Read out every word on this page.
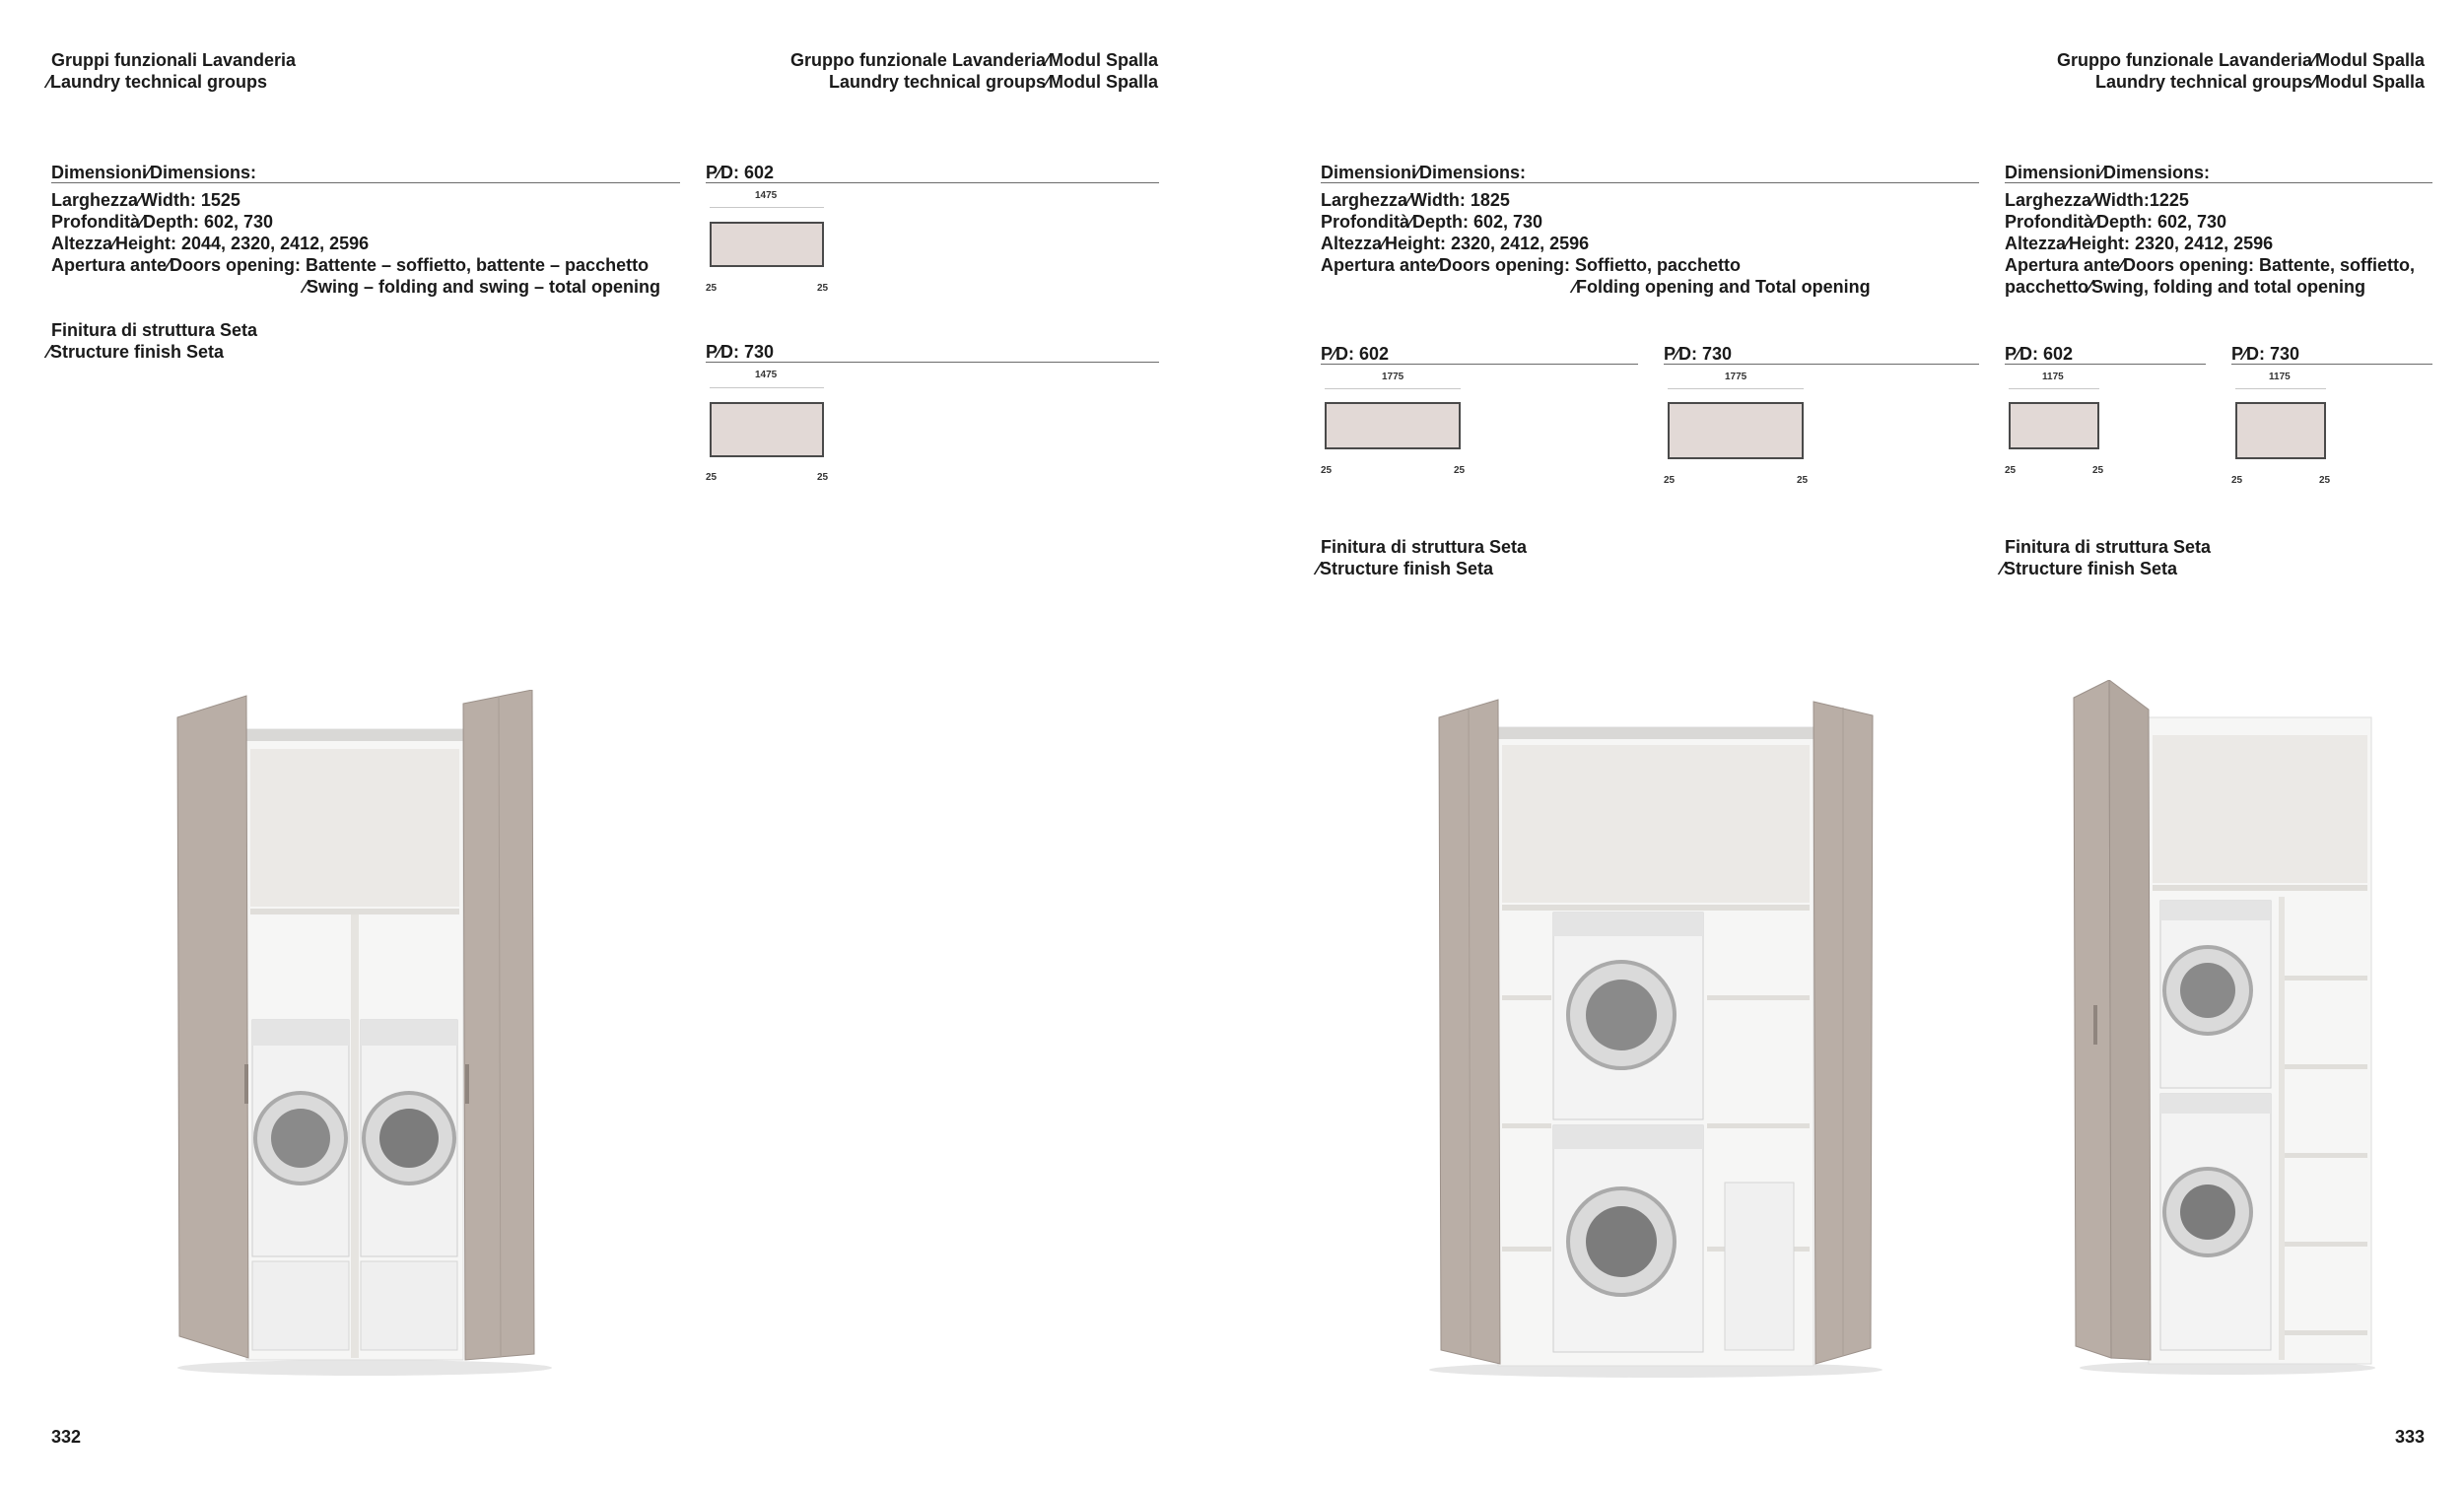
Gruppi funzionali Lavanderia
⁄Laundry technical groups
Gruppo funzionale Lavanderia⁄Modul Spalla
Laundry technical groups⁄Modul Spalla
Dimensioni⁄Dimensions:
Larghezza⁄Width: 1525
Profondità⁄Depth: 602, 730
Altezza⁄Height: 2044, 2320, 2412, 2596
Apertura ante⁄Doors opening: Battente – soffietto, battente – pacchetto
⁄Swing – folding and swing – total opening
Finitura di struttura Seta
⁄Structure finish Seta
P⁄D: 602
1475
25	25
P⁄D: 730
1475
25	25
332
Gruppo funzionale Lavanderia⁄Modul Spalla
Laundry technical groups⁄Modul Spalla
Dimensioni⁄Dimensions:
Larghezza⁄Width: 1825
Profondità⁄Depth: 602, 730
Altezza⁄Height: 2320, 2412, 2596
Apertura ante⁄Doors opening: Soffietto, pacchetto
⁄Folding opening and Total opening
P⁄D: 602
1775
25	25
P⁄D: 730
1775
25	25
Finitura di struttura Seta
⁄Structure finish Seta
Dimensioni⁄Dimensions:
Larghezza⁄Width:1225
Profondità⁄Depth: 602, 730
Altezza⁄Height: 2320, 2412, 2596
Apertura ante⁄Doors opening: Battente, soffietto,
pacchetto⁄Swing, folding and total opening
P⁄D: 602
1175
25	25
P⁄D: 730
1175
25	25
Finitura di struttura Seta
⁄Structure finish Seta
333
